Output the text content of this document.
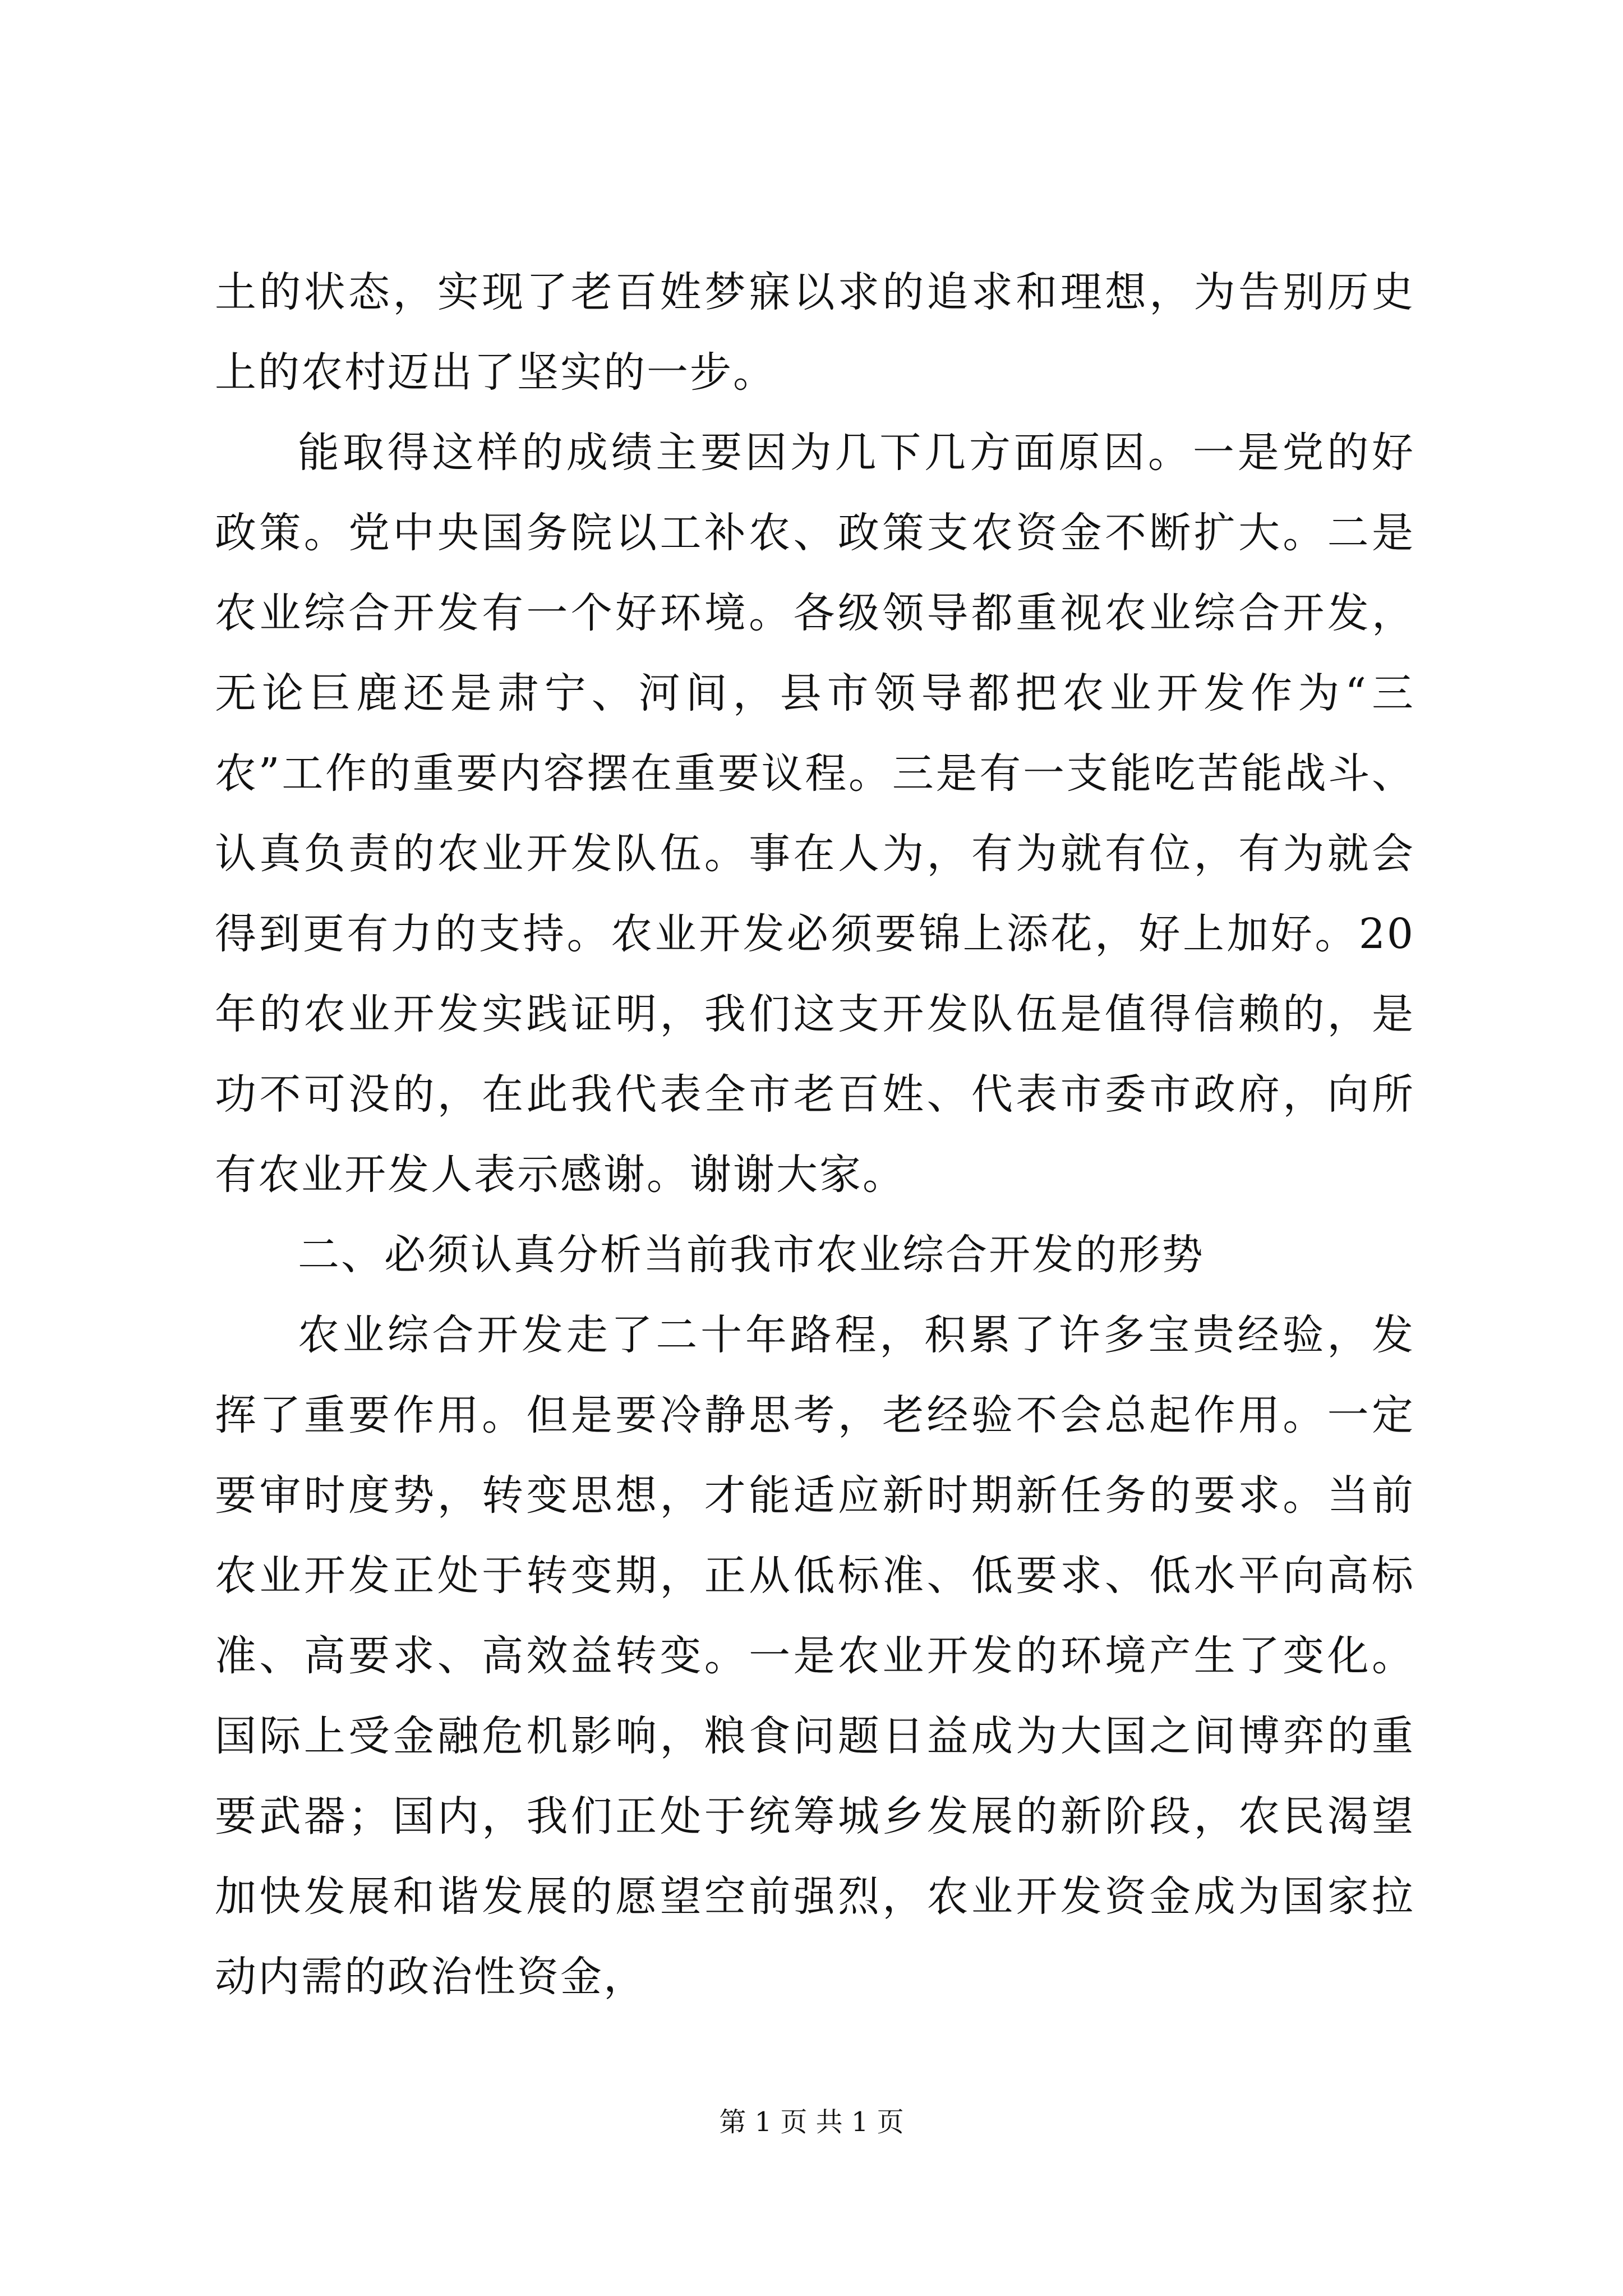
土的状态，实现了老百姓梦寐以求的追求和理想，为告别历史上的农村迈出了坚实的一步。

能取得这样的成绩主要因为几下几方面原因。一是党的好政策。党中央国务院以工补农、政策支农资金不断扩大。二是农业综合开发有一个好环境。各级领导都重视农业综合开发，无论巨鹿还是肃宁、河间，县市领导都把农业开发作为“三农”工作的重要内容摆在重要议程。三是有一支能吃苦能战斗、认真负责的农业开发队伍。事在人为，有为就有位，有为就会得到更有力的支持。农业开发必须要锦上添花，好上加好。20年的农业开发实践证明，我们这支开发队伍是值得信赖的，是功不可没的，在此我代表全市老百姓、代表市委市政府，向所有农业开发人表示感谢。谢谢大家。

二、必须认真分析当前我市农业综合开发的形势

农业综合开发走了二十年路程，积累了许多宝贵经验，发挥了重要作用。但是要冷静思考，老经验不会总起作用。一定要审时度势，转变思想，才能适应新时期新任务的要求。当前农业开发正处于转变期，正从低标准、低要求、低水平向高标准、高要求、高效益转变。一是农业开发的环境产生了变化。国际上受金融危机影响，粮食问题日益成为大国之间博弈的重要武器；国内，我们正处于统筹城乡发展的新阶段，农民渴望加快发展和谐发展的愿望空前强烈，农业开发资金成为国家拉动内需的政治性资金，

第 1 页 共 1 页
